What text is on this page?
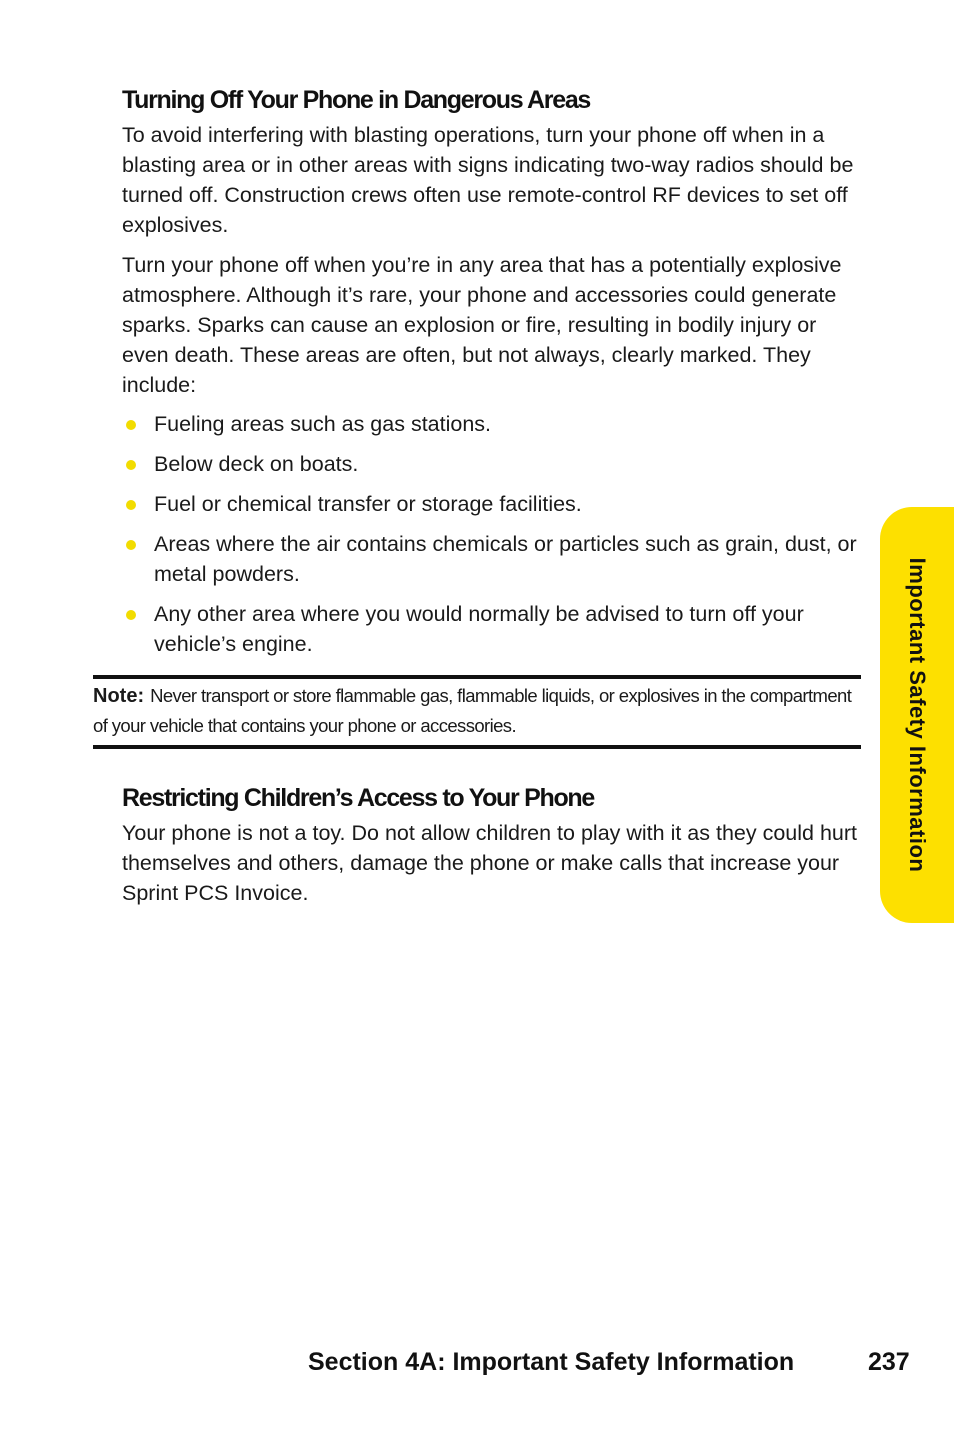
Turning Off Your Phone in Dangerous Areas

To avoid interfering with blasting operations, turn your phone off when in a blasting area or in other areas with signs indicating two-way radios should be turned off. Construction crews often use remote-control RF devices to set off explosives.

Turn your phone off when you’re in any area that has a potentially explosive atmosphere. Although it’s rare, your phone and accessories could generate sparks. Sparks can cause an explosion or fire, resulting in bodily injury or even death. These areas are often, but not always, clearly marked. They include:

Fueling areas such as gas stations.
Below deck on boats.
Fuel or chemical transfer or storage facilities.
Areas where the air contains chemicals or particles such as grain, dust, or metal powders.
Any other area where you would normally be advised to turn off your vehicle’s engine.

Note: Never transport or store flammable gas, flammable liquids, or explosives in the compartment of your vehicle that contains your phone or accessories.

Restricting Children’s Access to Your Phone

Your phone is not a toy. Do not allow children to play with it as they could hurt themselves and others, damage the phone or make calls that increase your Sprint PCS Invoice.

Important Safety Information
Section 4A: Important Safety Information	237
